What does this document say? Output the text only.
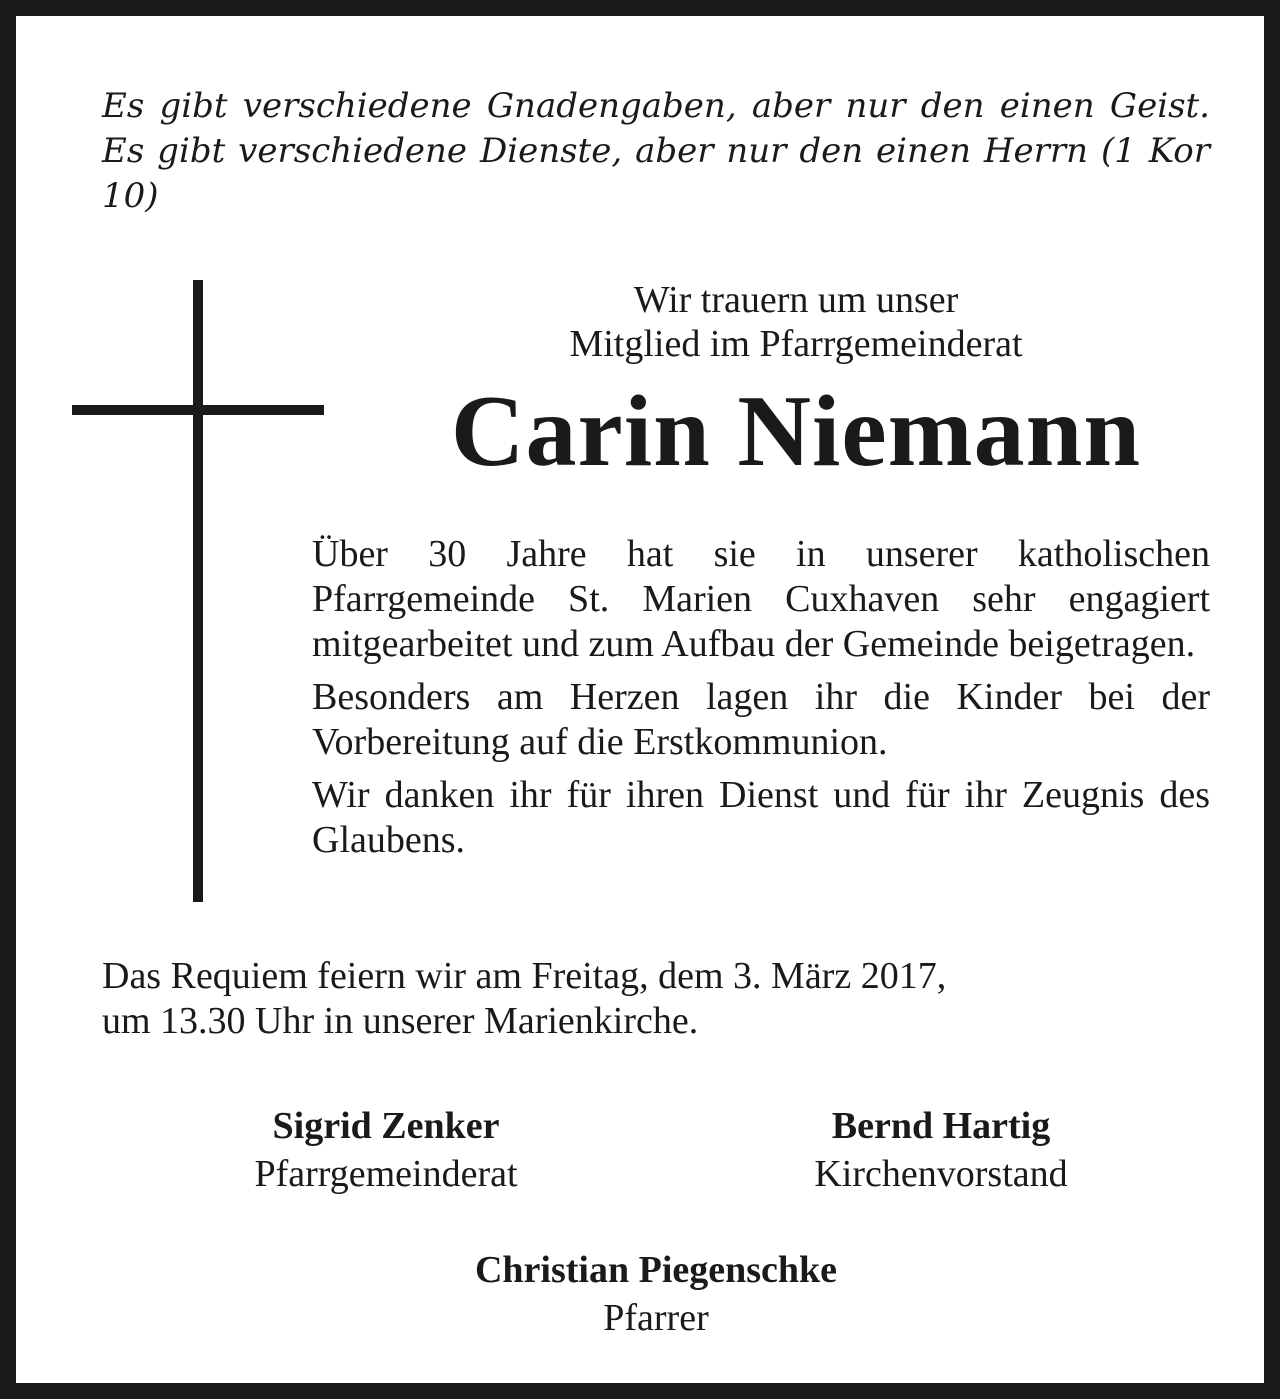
Es gibt verschiedene Gnadengaben, aber nur den einen Geist. Es gibt verschiedene Dienste, aber nur den einen Herrn (1 Kor 10)

Wir trauern um unser
Mitglied im Pfarrgemeinderat
Carin Niemann

Über 30 Jahre hat sie in unserer katholischen Pfarrgemeinde St. Marien Cuxhaven sehr engagiert mitgearbeitet und zum Aufbau der Gemeinde beigetragen.

Besonders am Herzen lagen ihr die Kinder bei der Vorbereitung auf die Erstkommunion.

Wir danken ihr für ihren Dienst und für ihr Zeugnis des Glaubens.

Das Requiem feiern wir am Freitag, dem 3. März 2017,
um 13.30 Uhr in unserer Marienkirche.
Sigrid Zenker
Pfarrgemeinderat
Bernd Hartig
Kirchenvorstand
Christian Piegenschke
Pfarrer
